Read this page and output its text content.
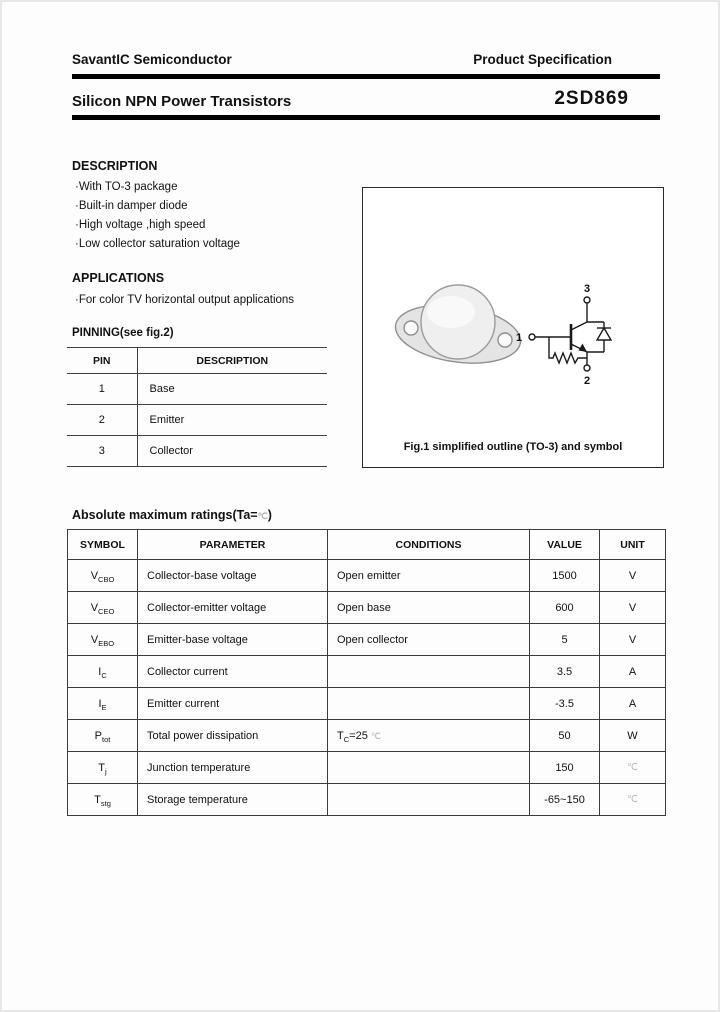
SavantIC Semiconductor	Product Specification
Silicon NPN Power Transistors	2SD869
DESCRIPTION
·With TO-3 package
·Built-in damper diode
·High voltage ,high speed
·Low collector saturation voltage
APPLICATIONS
·For color TV horizontal output applications
PINNING(see fig.2)
PIN	DESCRIPTION
1	Base
2	Emitter
3	Collector
3
1
2
Fig.1 simplified outline (TO-3) and symbol
Absolute maximum ratings(Ta=℃)
SYMBOL	PARAMETER	CONDITIONS	VALUE	UNIT
$V_{CBO}$	Collector-base voltage	Open emitter	1500	V
$V_{CEO}$	Collector-emitter voltage	Open base	600	V
$V_{EBO}$	Emitter-base voltage	Open collector	5	V
$I_C$	Collector current		3.5	A
$I_E$	Emitter current		-3.5	A
$P_{tot}$	Total power dissipation	$T_C=25$ ℃	50	W
$T_j$	Junction temperature		150	℃
$T_{stg}$	Storage temperature		-65~150	℃
